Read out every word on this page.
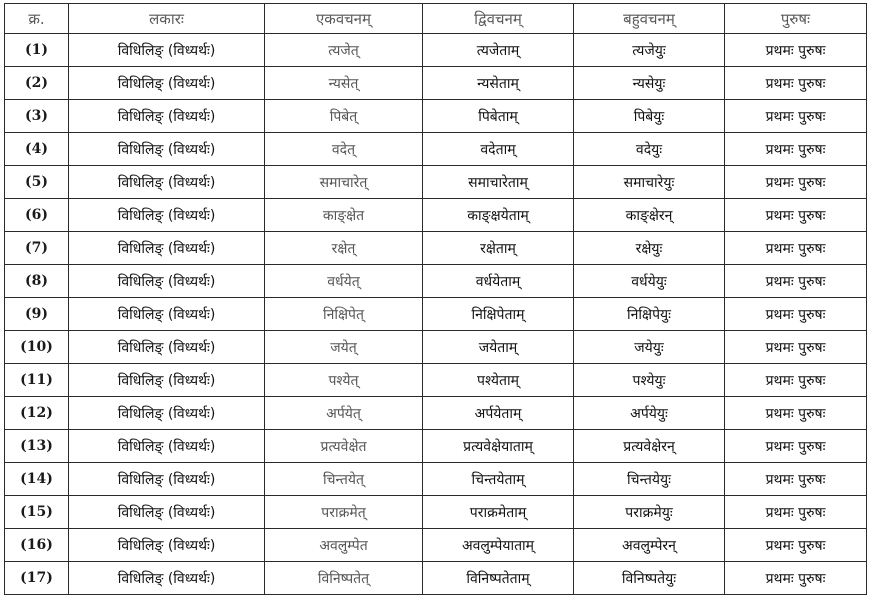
क्र.	लकारः	एकवचनम्	द्विवचनम्	बहुवचनम्	पुरुषः
(1)	विधिलिङ् (विध्यर्थः)	त्यजेत्	त्यजेताम्	त्यजेयुः	प्रथमः पुरुषः
(2)	विधिलिङ् (विध्यर्थः)	न्यसेत्	न्यसेताम्	न्यसेयुः	प्रथमः पुरुषः
(3)	विधिलिङ् (विध्यर्थः)	पिबेत्	पिबेताम्	पिबेयुः	प्रथमः पुरुषः
(4)	विधिलिङ् (विध्यर्थः)	वदेत्	वदेताम्	वदेयुः	प्रथमः पुरुषः
(5)	विधिलिङ् (विध्यर्थः)	समाचारेत्	समाचारेताम्	समाचारेयुः	प्रथमः पुरुषः
(6)	विधिलिङ् (विध्यर्थः)	काङ्क्षेत	काङ्क्षयेताम्	काङ्क्षेरन्	प्रथमः पुरुषः
(7)	विधिलिङ् (विध्यर्थः)	रक्षेत्	रक्षेताम्	रक्षेयुः	प्रथमः पुरुषः
(8)	विधिलिङ् (विध्यर्थः)	वर्धयेत्	वर्धयेताम्	वर्धयेयुः	प्रथमः पुरुषः
(9)	विधिलिङ् (विध्यर्थः)	निक्षिपेत्	निक्षिपेताम्	निक्षिपेयुः	प्रथमः पुरुषः
(10)	विधिलिङ् (विध्यर्थः)	जयेत्	जयेताम्	जयेयुः	प्रथमः पुरुषः
(11)	विधिलिङ् (विध्यर्थः)	पश्येत्	पश्येताम्	पश्येयुः	प्रथमः पुरुषः
(12)	विधिलिङ् (विध्यर्थः)	अर्पयेत्	अर्पयेताम्	अर्पयेयुः	प्रथमः पुरुषः
(13)	विधिलिङ् (विध्यर्थः)	प्रत्यवेक्षेत	प्रत्यवेक्षेयाताम्	प्रत्यवेक्षेरन्	प्रथमः पुरुषः
(14)	विधिलिङ् (विध्यर्थः)	चिन्तयेत्	चिन्तयेताम्	चिन्तयेयुः	प्रथमः पुरुषः
(15)	विधिलिङ् (विध्यर्थः)	पराक्रमेत्	पराक्रमेताम्	पराक्रमेयुः	प्रथमः पुरुषः
(16)	विधिलिङ् (विध्यर्थः)	अवलुम्पेत	अवलुम्पेयाताम्	अवलुम्पेरन्	प्रथमः पुरुषः
(17)	विधिलिङ् (विध्यर्थः)	विनिष्पतेत्	विनिष्पतेताम्	विनिष्पतेयुः	प्रथमः पुरुषः
